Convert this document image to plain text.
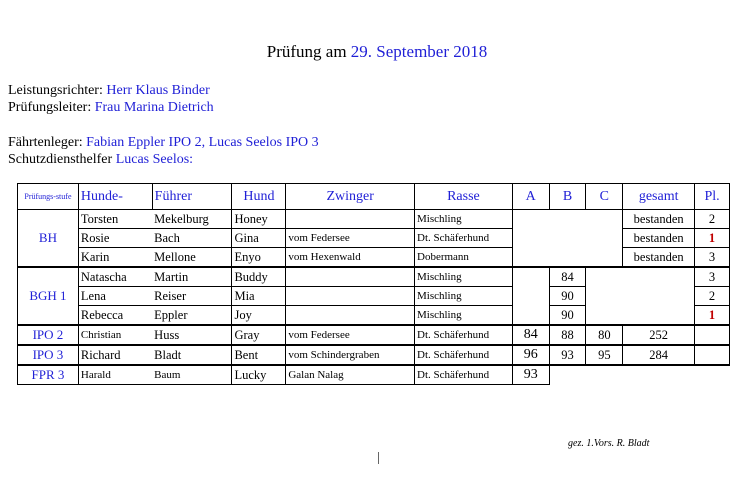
Prüfung am 29. September 2018
Leistungsrichter: Herr Klaus Binder
Prüfungsleiter: Frau Marina Dietrich
Fährtenleger: Fabian Eppler IPO 2, Lucas Seelos IPO 3
Schutzdiensthelfer Lucas Seelos:
Prüfungs-stufe	Hunde-	Führer	Hund	Zwinger	Rasse	A	B	C	gesamt	Pl.
BH	Torsten	Mekelburg	Honey		Mischling				bestanden	2
	Rosie	Bach	Gina	vom Federsee	Dt. Schäferhund				bestanden	1
	Karin	Mellone	Enyo	vom Hexenwald	Dobermann				bestanden	3
BGH 1	Natascha	Martin	Buddy		Mischling		84			3
	Lena	Reiser	Mia		Mischling		90			2
	Rebecca	Eppler	Joy		Mischling		90			1
IPO 2	Christian	Huss	Gray	vom Federsee	Dt. Schäferhund	84	88	80	252	
IPO 3	Richard	Bladt	Bent	vom Schindergraben	Dt. Schäferhund	96	93	95	284	
FPR 3	Harald	Baum	Lucky	Galan Nalag	Dt. Schäferhund	93				
gez. 1.Vors. R. Bladt
